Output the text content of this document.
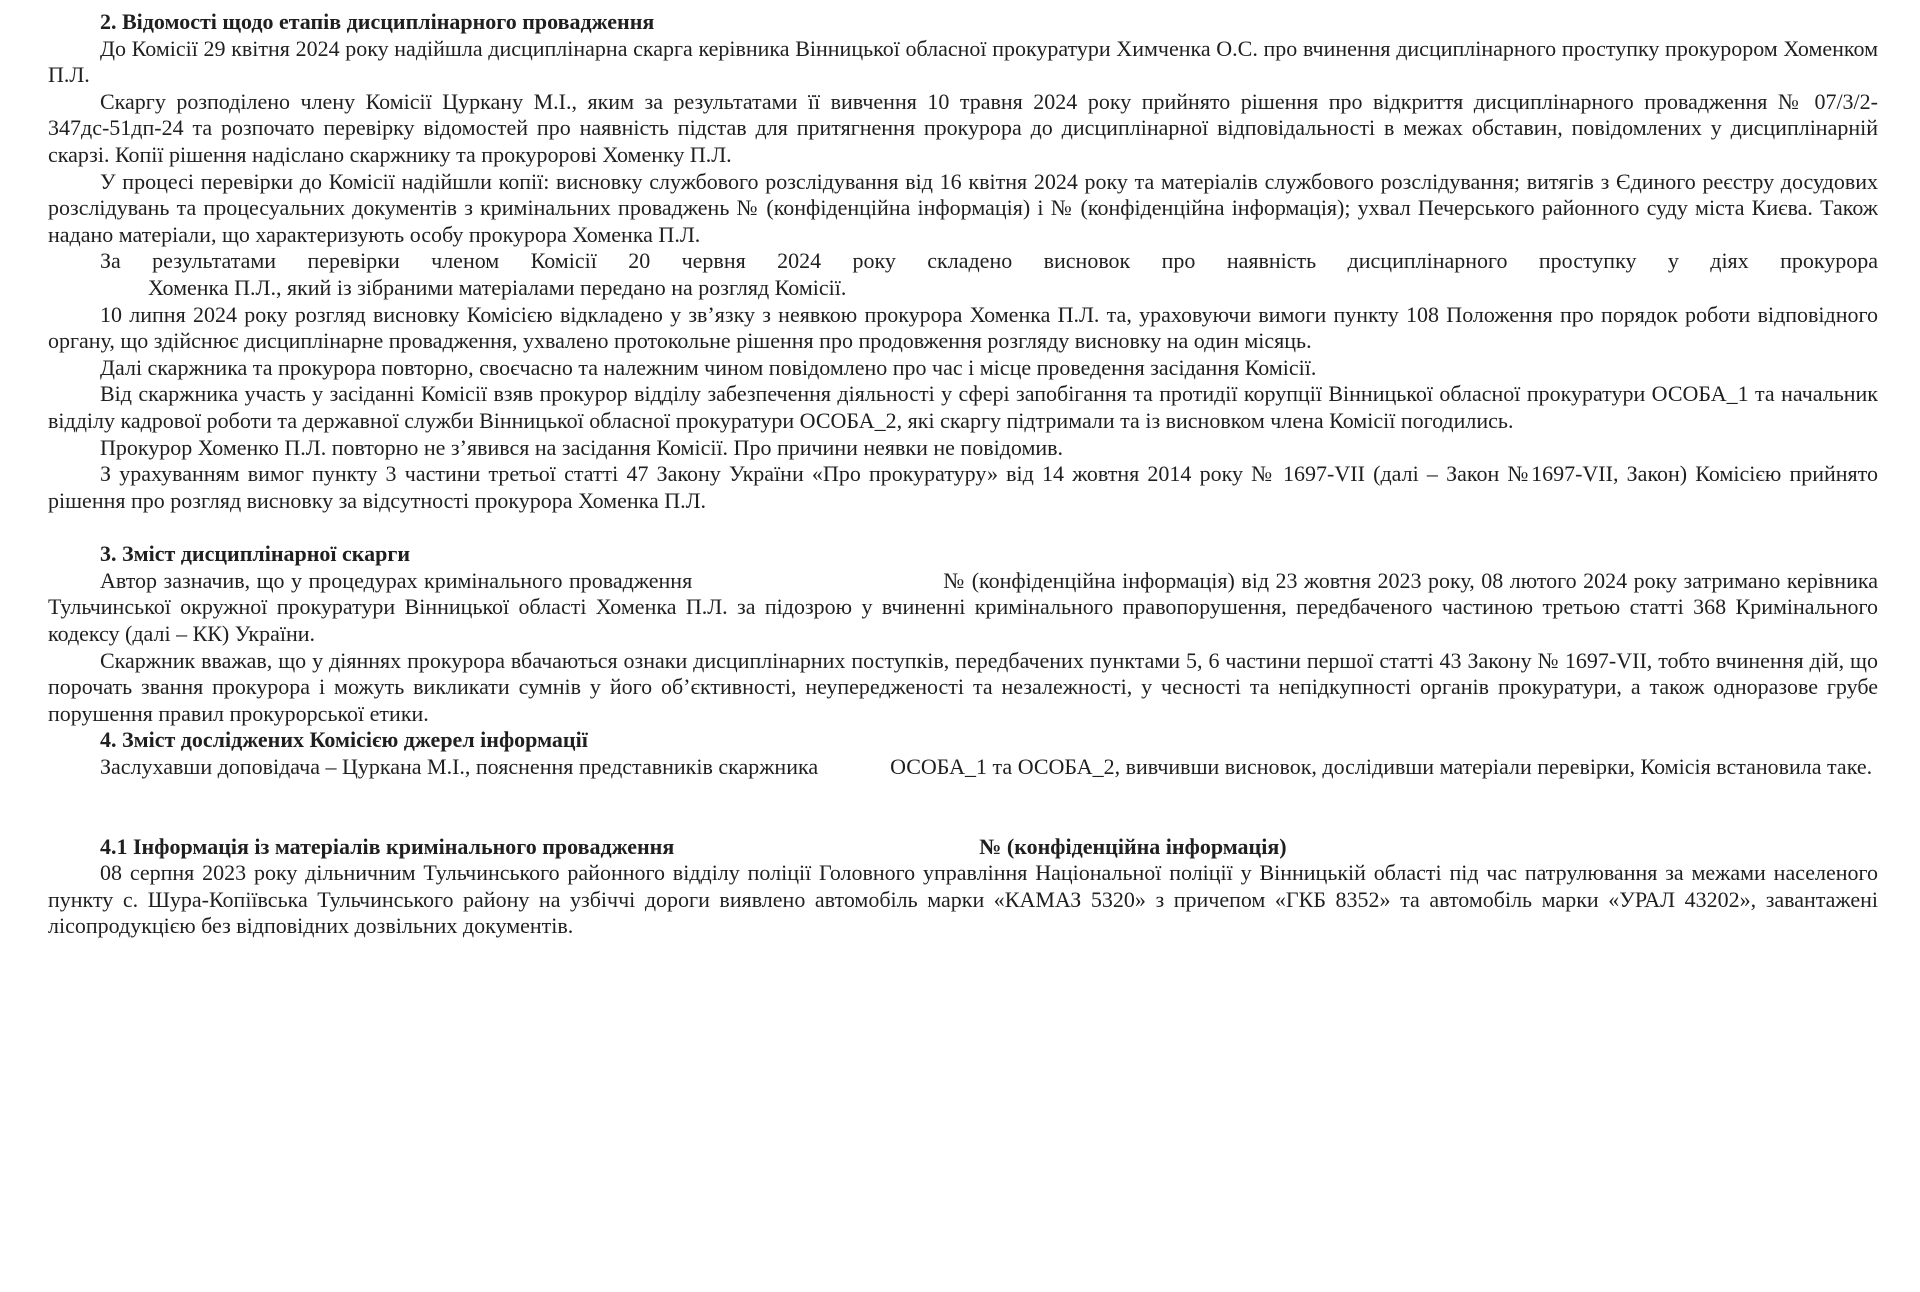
2. Відомості щодо етапів дисциплінарного провадження
До Комісії 29 квітня 2024 року надійшла дисциплінарна скарга керівника Вінницької обласної прокуратури Химченка О.С. про вчинення дисциплінарного проступку прокурором Хоменком П.Л.
Скаргу розподілено члену Комісії Цуркану М.І., яким за результатами її вивчення 10 травня 2024 року прийнято рішення про відкриття дисциплінарного провадження № 07/3/2-347дс-51дп-24 та розпочато перевірку відомостей про наявність підстав для притягнення прокурора до дисциплінарної відповідальності в межах обставин, повідомлених у дисциплінарній скарзі. Копії рішення надіслано скаржнику та прокуророві Хоменку П.Л.
У процесі перевірки до Комісії надійшли копії: висновку службового розслідування від 16 квітня 2024 року та матеріалів службового розслідування; витягів з Єдиного реєстру досудових розслідувань та процесуальних документів з кримінальних проваджень № (конфіденційна інформація) і № (конфіденційна інформація); ухвал Печерського районного суду міста Києва. Також надано матеріали, що характеризують особу прокурора Хоменка П.Л.
За результатами перевірки членом Комісії 20 червня 2024 року складено висновок про наявність дисциплінарного проступку у діях прокурора
Хоменка П.Л., який із зібраними матеріалами передано на розгляд Комісії.
10 липня 2024 року розгляд висновку Комісією відкладено у зв’язку з неявкою прокурора Хоменка П.Л. та, ураховуючи вимоги пункту 108 Положення про порядок роботи відповідного органу, що здійснює дисциплінарне провадження, ухвалено протокольне рішення про продовження розгляду висновку на один місяць.
Далі скаржника та прокурора повторно, своєчасно та належним чином повідомлено про час і місце проведення засідання Комісії.
Від скаржника участь у засіданні Комісії взяв прокурор відділу забезпечення діяльності у сфері запобігання та протидії корупції Вінницької обласної прокуратури ОСОБА_1 та начальник відділу кадрової роботи та державної служби Вінницької обласної прокуратури ОСОБА_2, які скаргу підтримали та із висновком члена Комісії погодились.
Прокурор Хоменко П.Л. повторно не з’явився на засідання Комісії. Про причини неявки не повідомив.
З урахуванням вимог пункту 3 частини третьої статті 47 Закону України «Про прокуратуру» від 14 жовтня 2014 року № 1697-VII (далі – Закон №1697-VII, Закон) Комісією прийнято рішення про розгляд висновку за відсутності прокурора Хоменка П.Л.
3. Зміст дисциплінарної скарги
Автор зазначив, що у процедурах кримінального провадження	№ (конфіденційна інформація) від 23 жовтня 2023 року, 08 лютого 2024 року затримано керівника Тульчинської окружної прокуратури Вінницької області Хоменка П.Л. за підозрою у вчиненні кримінального правопорушення, передбаченого частиною третьою статті 368 Кримінального кодексу (далі – КК) України.
Скаржник вважав, що у діяннях прокурора вбачаються ознаки дисциплінарних поступків, передбачених пунктами 5, 6 частини першої статті 43 Закону № 1697-VII, тобто вчинення дій, що порочать звання прокурора і можуть викликати сумнів у його об’єктивності, неупередженості та незалежності, у чесності та непідкупності органів прокуратури, а також одноразове грубе порушення правил прокурорської етики.
4. Зміст досліджених Комісією джерел інформації
Заслухавши доповідача – Цуркана М.І., пояснення представників скаржника	ОСОБА_1 та ОСОБА_2, вивчивши висновок, дослідивши матеріали перевірки, Комісія встановила таке.
4.1 Інформація із матеріалів кримінального провадження	№ (конфіденційна інформація)
08 серпня 2023 року дільничним Тульчинського районного відділу поліції Головного управління Національної поліції у Вінницькій області під час патрулювання за межами населеного пункту с. Шура-Копіївська Тульчинського району на узбіччі дороги виявлено автомобіль марки «КАМАЗ 5320» з причепом «ГКБ 8352» та автомобіль марки «УРАЛ 43202», завантажені лісопродукцією без відповідних дозвільних документів.
